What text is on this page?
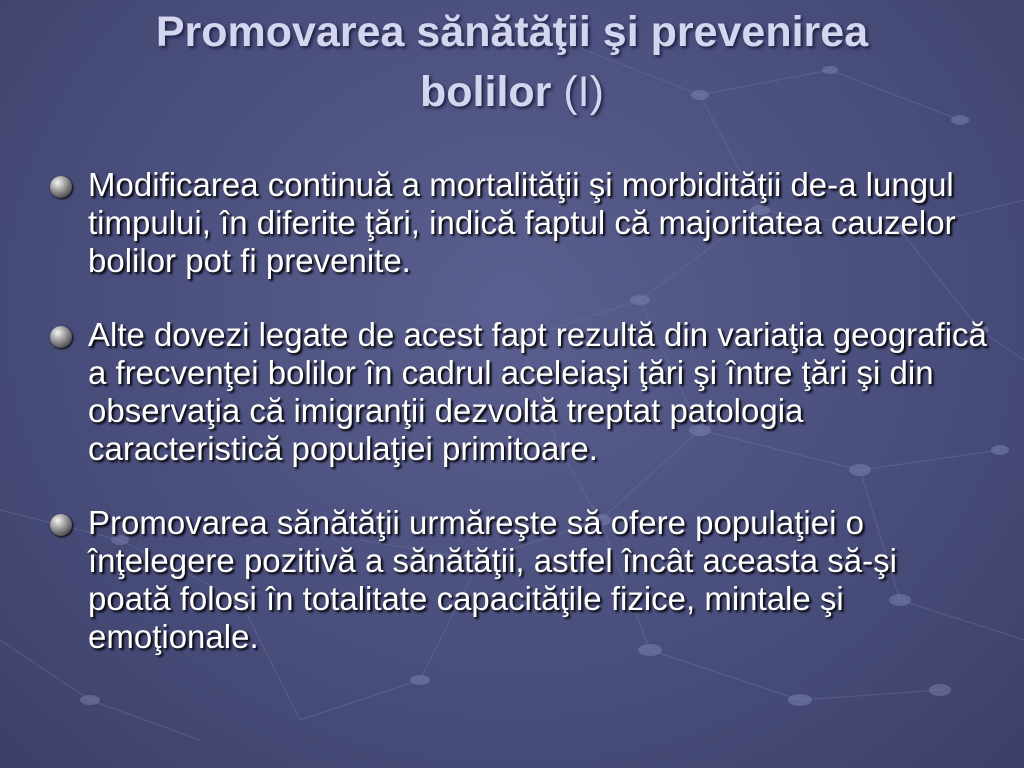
Promovarea sănătăţii şi prevenirea
bolilor (I)
Modificarea continuă a mortalităţii şi morbidităţii de-a lungul timpului, în diferite ţări, indică faptul că majoritatea cauzelor bolilor pot fi prevenite.
Alte dovezi legate de acest fapt rezultă din variaţia geografică a frecvenţei bolilor în cadrul aceleiaşi ţări şi între ţări şi din observaţia că imigranţii dezvoltă treptat patologia caracteristică populaţiei primitoare.
Promovarea sănătăţii urmăreşte să ofere populaţiei o înţelegere pozitivă a sănătăţii, astfel încât aceasta să-şi poată folosi în totalitate capacităţile fizice, mintale şi emoţionale.
